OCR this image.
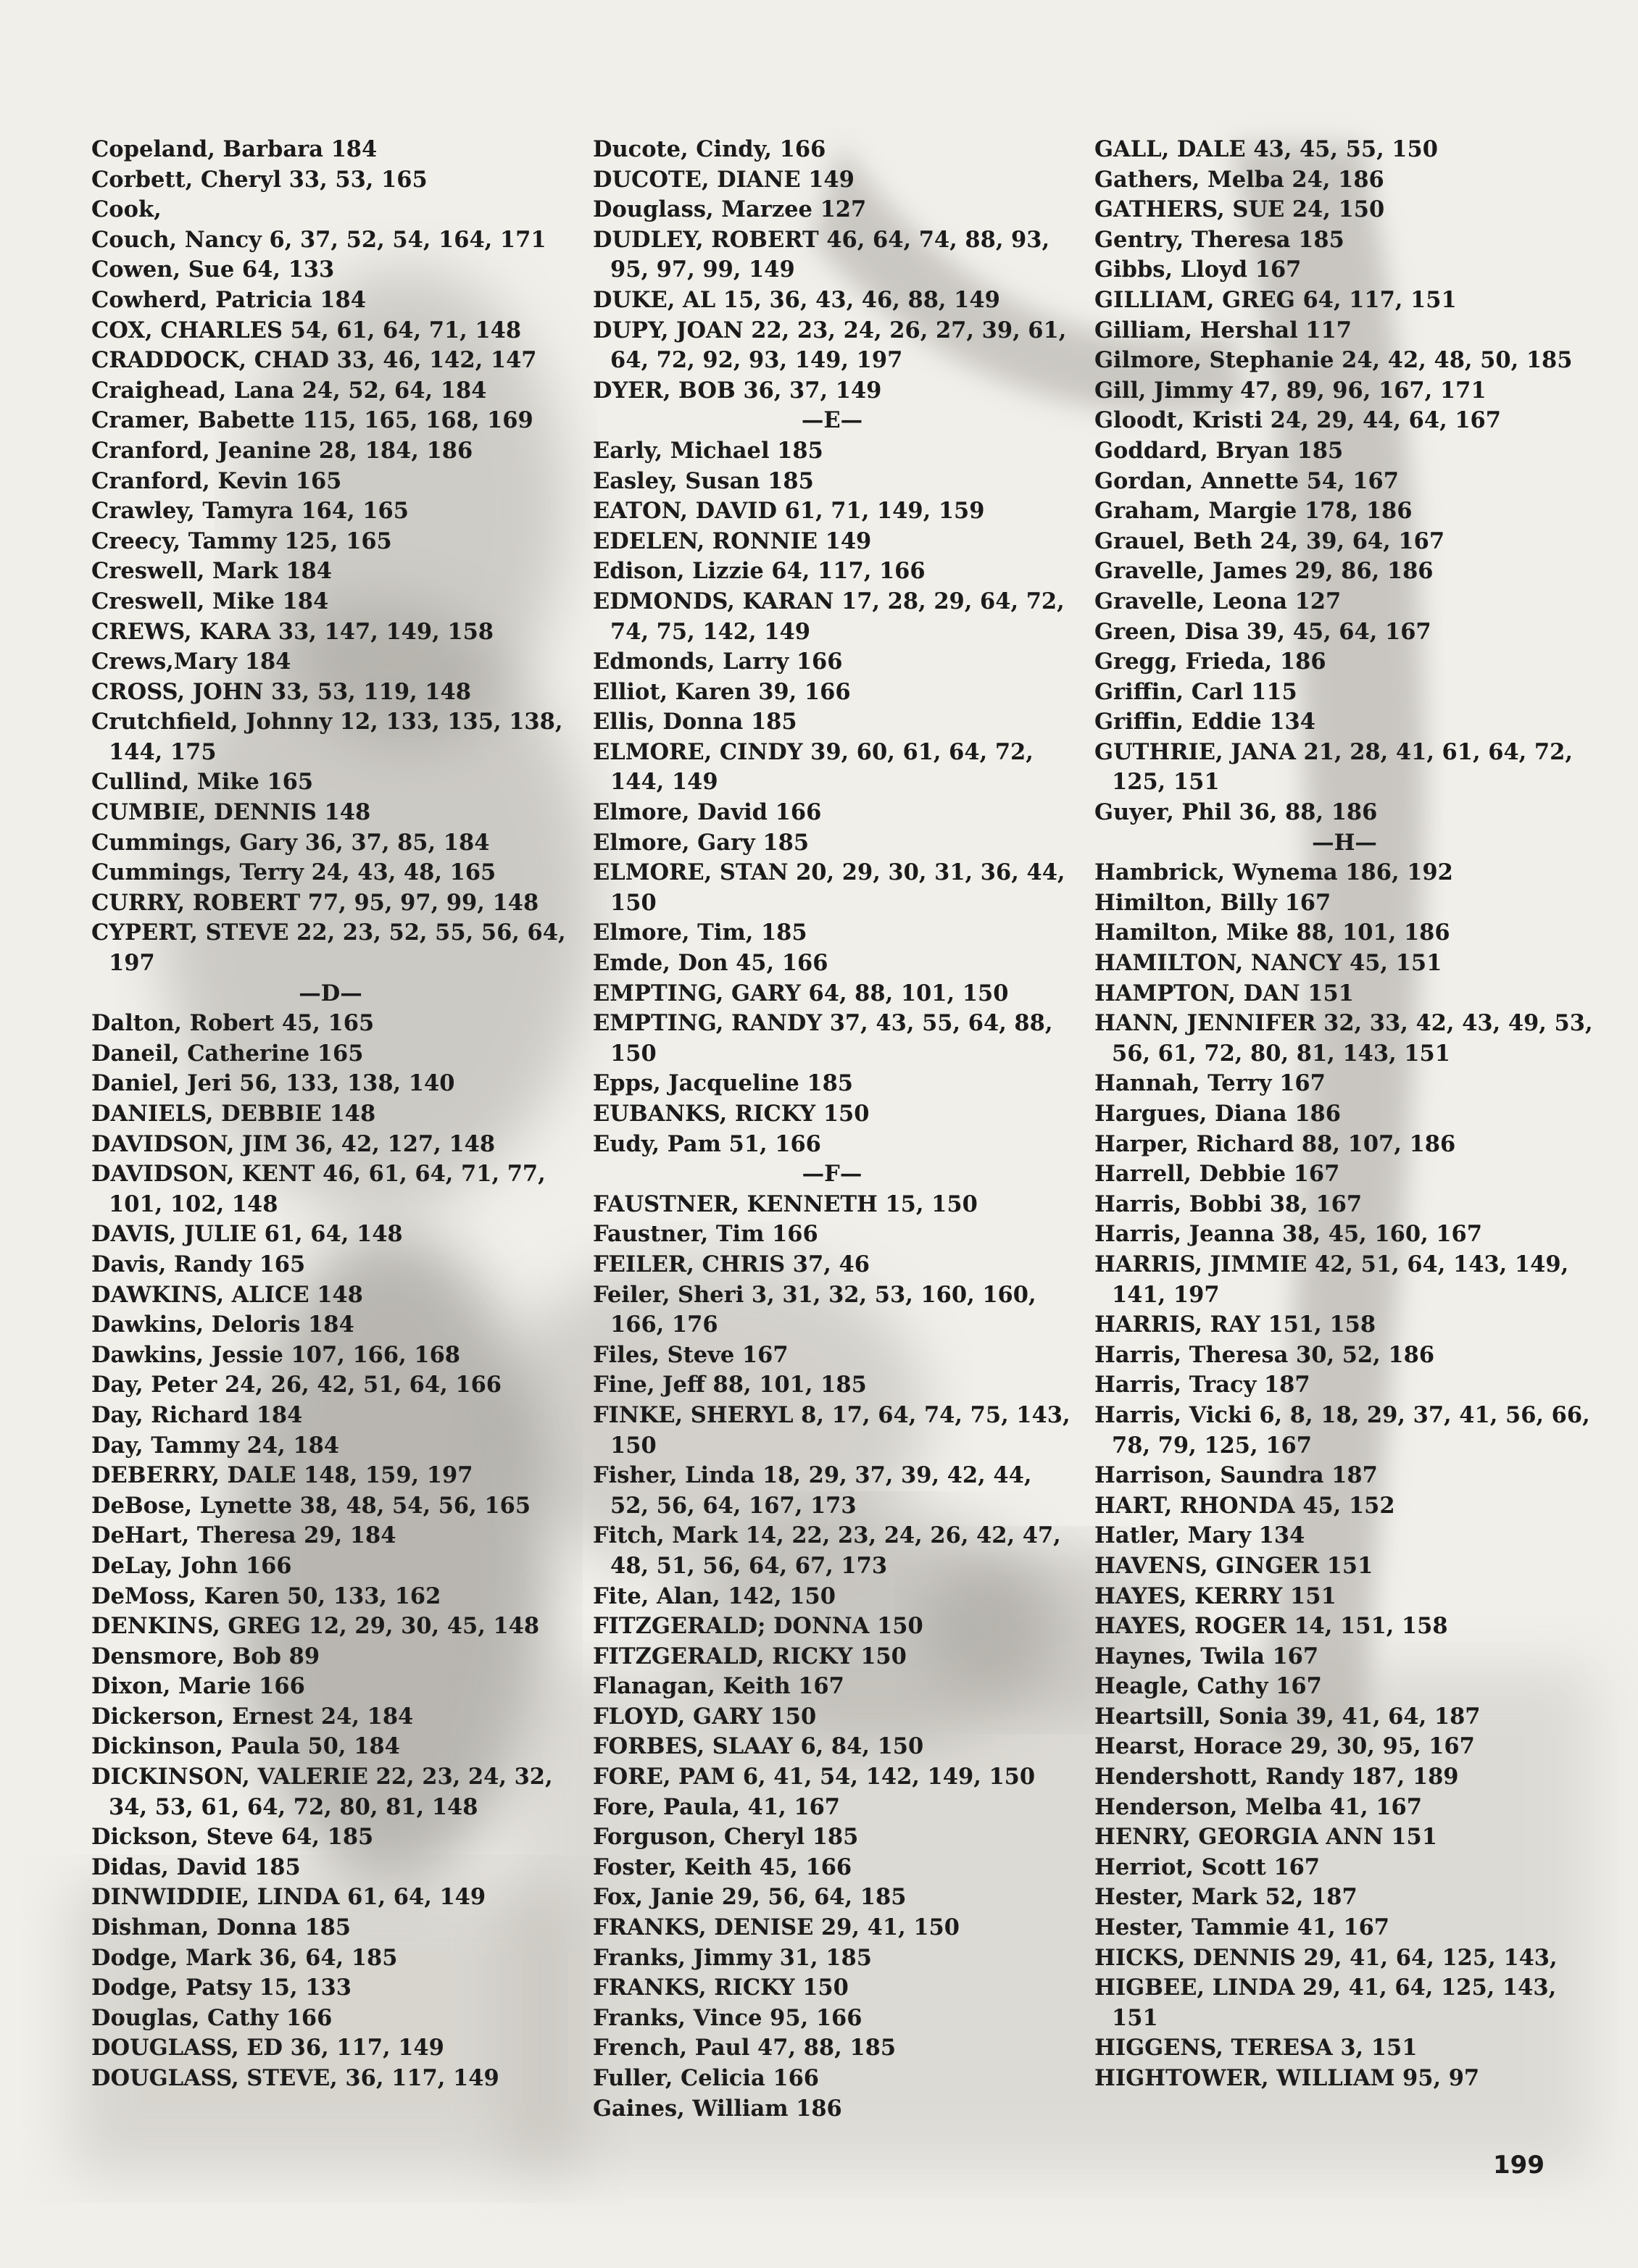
Copeland, Barbara 184
Corbett, Cheryl 33, 53, 165
Cook,
Couch, Nancy 6, 37, 52, 54, 164, 171
Cowen, Sue 64, 133
Cowherd, Patricia 184
COX, CHARLES 54, 61, 64, 71, 148
CRADDOCK, CHAD 33, 46, 142, 147
Craighead, Lana 24, 52, 64, 184
Cramer, Babette 115, 165, 168, 169
Cranford, Jeanine 28, 184, 186
Cranford, Kevin 165
Crawley, Tamyra 164, 165
Creecy, Tammy 125, 165
Creswell, Mark 184
Creswell, Mike 184
CREWS, KARA 33, 147, 149, 158
Crews,Mary 184
CROSS, JOHN 33, 53, 119, 148
Crutchfield, Johnny 12, 133, 135, 138, 144, 175
Cullind, Mike 165
CUMBIE, DENNIS 148
Cummings, Gary 36, 37, 85, 184
Cummings, Terry 24, 43, 48, 165
CURRY, ROBERT 77, 95, 97, 99, 148
CYPERT, STEVE 22, 23, 52, 55, 56, 64, 197
—D—
Dalton, Robert 45, 165
Daneil, Catherine 165
Daniel, Jeri 56, 133, 138, 140
DANIELS, DEBBIE 148
DAVIDSON, JIM 36, 42, 127, 148
DAVIDSON, KENT 46, 61, 64, 71, 77, 101, 102, 148
DAVIS, JULIE 61, 64, 148
Davis, Randy 165
DAWKINS, ALICE 148
Dawkins, Deloris 184
Dawkins, Jessie 107, 166, 168
Day, Peter 24, 26, 42, 51, 64, 166
Day, Richard 184
Day, Tammy 24, 184
DEBERRY, DALE 148, 159, 197
DeBose, Lynette 38, 48, 54, 56, 165
DeHart, Theresa 29, 184
DeLay, John 166
DeMoss, Karen 50, 133, 162
DENKINS, GREG 12, 29, 30, 45, 148
Densmore, Bob 89
Dixon, Marie 166
Dickerson, Ernest 24, 184
Dickinson, Paula 50, 184
DICKINSON, VALERIE 22, 23, 24, 32, 34, 53, 61, 64, 72, 80, 81, 148
Dickson, Steve 64, 185
Didas, David 185
DINWIDDIE, LINDA 61, 64, 149
Dishman, Donna 185
Dodge, Mark 36, 64, 185
Dodge, Patsy 15, 133
Douglas, Cathy 166
DOUGLASS, ED 36, 117, 149
DOUGLASS, STEVE, 36, 117, 149
Ducote, Cindy, 166
DUCOTE, DIANE 149
Douglass, Marzee 127
DUDLEY, ROBERT 46, 64, 74, 88, 93, 95, 97, 99, 149
DUKE, AL 15, 36, 43, 46, 88, 149
DUPY, JOAN 22, 23, 24, 26, 27, 39, 61, 64, 72, 92, 93, 149, 197
DYER, BOB 36, 37, 149
—E—
Early, Michael 185
Easley, Susan 185
EATON, DAVID 61, 71, 149, 159
EDELEN, RONNIE 149
Edison, Lizzie 64, 117, 166
EDMONDS, KARAN 17, 28, 29, 64, 72, 74, 75, 142, 149
Edmonds, Larry 166
Elliot, Karen 39, 166
Ellis, Donna 185
ELMORE, CINDY 39, 60, 61, 64, 72, 144, 149
Elmore, David 166
Elmore, Gary 185
ELMORE, STAN 20, 29, 30, 31, 36, 44, 150
Elmore, Tim, 185
Emde, Don 45, 166
EMPTING, GARY 64, 88, 101, 150
EMPTING, RANDY 37, 43, 55, 64, 88, 150
Epps, Jacqueline 185
EUBANKS, RICKY 150
Eudy, Pam 51, 166
—F—
FAUSTNER, KENNETH 15, 150
Faustner, Tim 166
FEILER, CHRIS 37, 46
Feiler, Sheri 3, 31, 32, 53, 160, 160, 166, 176
Files, Steve 167
Fine, Jeff 88, 101, 185
FINKE, SHERYL 8, 17, 64, 74, 75, 143, 150
Fisher, Linda 18, 29, 37, 39, 42, 44, 52, 56, 64, 167, 173
Fitch, Mark 14, 22, 23, 24, 26, 42, 47, 48, 51, 56, 64, 67, 173
Fite, Alan, 142, 150
FITZGERALD; DONNA 150
FITZGERALD, RICKY 150
Flanagan, Keith 167
FLOYD, GARY 150
FORBES, SLAAY 6, 84, 150
FORE, PAM 6, 41, 54, 142, 149, 150
Fore, Paula, 41, 167
Forguson, Cheryl 185
Foster, Keith 45, 166
Fox, Janie 29, 56, 64, 185
FRANKS, DENISE 29, 41, 150
Franks, Jimmy 31, 185
FRANKS, RICKY 150
Franks, Vince 95, 166
French, Paul 47, 88, 185
Fuller, Celicia 166
Gaines, William 186
GALL, DALE 43, 45, 55, 150
Gathers, Melba 24, 186
GATHERS, SUE 24, 150
Gentry, Theresa 185
Gibbs, Lloyd 167
GILLIAM, GREG 64, 117, 151
Gilliam, Hershal 117
Gilmore, Stephanie 24, 42, 48, 50, 185
Gill, Jimmy 47, 89, 96, 167, 171
Gloodt, Kristi 24, 29, 44, 64, 167
Goddard, Bryan 185
Gordan, Annette 54, 167
Graham, Margie 178, 186
Grauel, Beth 24, 39, 64, 167
Gravelle, James 29, 86, 186
Gravelle, Leona 127
Green, Disa 39, 45, 64, 167
Gregg, Frieda, 186
Griffin, Carl 115
Griffin, Eddie 134
GUTHRIE, JANA 21, 28, 41, 61, 64, 72, 125, 151
Guyer, Phil 36, 88, 186
—H—
Hambrick, Wynema 186, 192
Himilton, Billy 167
Hamilton, Mike 88, 101, 186
HAMILTON, NANCY 45, 151
HAMPTON, DAN 151
HANN, JENNIFER 32, 33, 42, 43, 49, 53, 56, 61, 72, 80, 81, 143, 151
Hannah, Terry 167
Hargues, Diana 186
Harper, Richard 88, 107, 186
Harrell, Debbie 167
Harris, Bobbi 38, 167
Harris, Jeanna 38, 45, 160, 167
HARRIS, JIMMIE 42, 51, 64, 143, 149, 141, 197
HARRIS, RAY 151, 158
Harris, Theresa 30, 52, 186
Harris, Tracy 187
Harris, Vicki 6, 8, 18, 29, 37, 41, 56, 66, 78, 79, 125, 167
Harrison, Saundra 187
HART, RHONDA 45, 152
Hatler, Mary 134
HAVENS, GINGER 151
HAYES, KERRY 151
HAYES, ROGER 14, 151, 158
Haynes, Twila 167
Heagle, Cathy 167
Heartsill, Sonia 39, 41, 64, 187
Hearst, Horace 29, 30, 95, 167
Hendershott, Randy 187, 189
Henderson, Melba 41, 167
HENRY, GEORGIA ANN 151
Herriot, Scott 167
Hester, Mark 52, 187
Hester, Tammie 41, 167
HICKS, DENNIS 29, 41, 64, 125, 143,
HIGBEE, LINDA 29, 41, 64, 125, 143, 151
HIGGENS, TERESA 3, 151
HIGHTOWER, WILLIAM 95, 97
199
